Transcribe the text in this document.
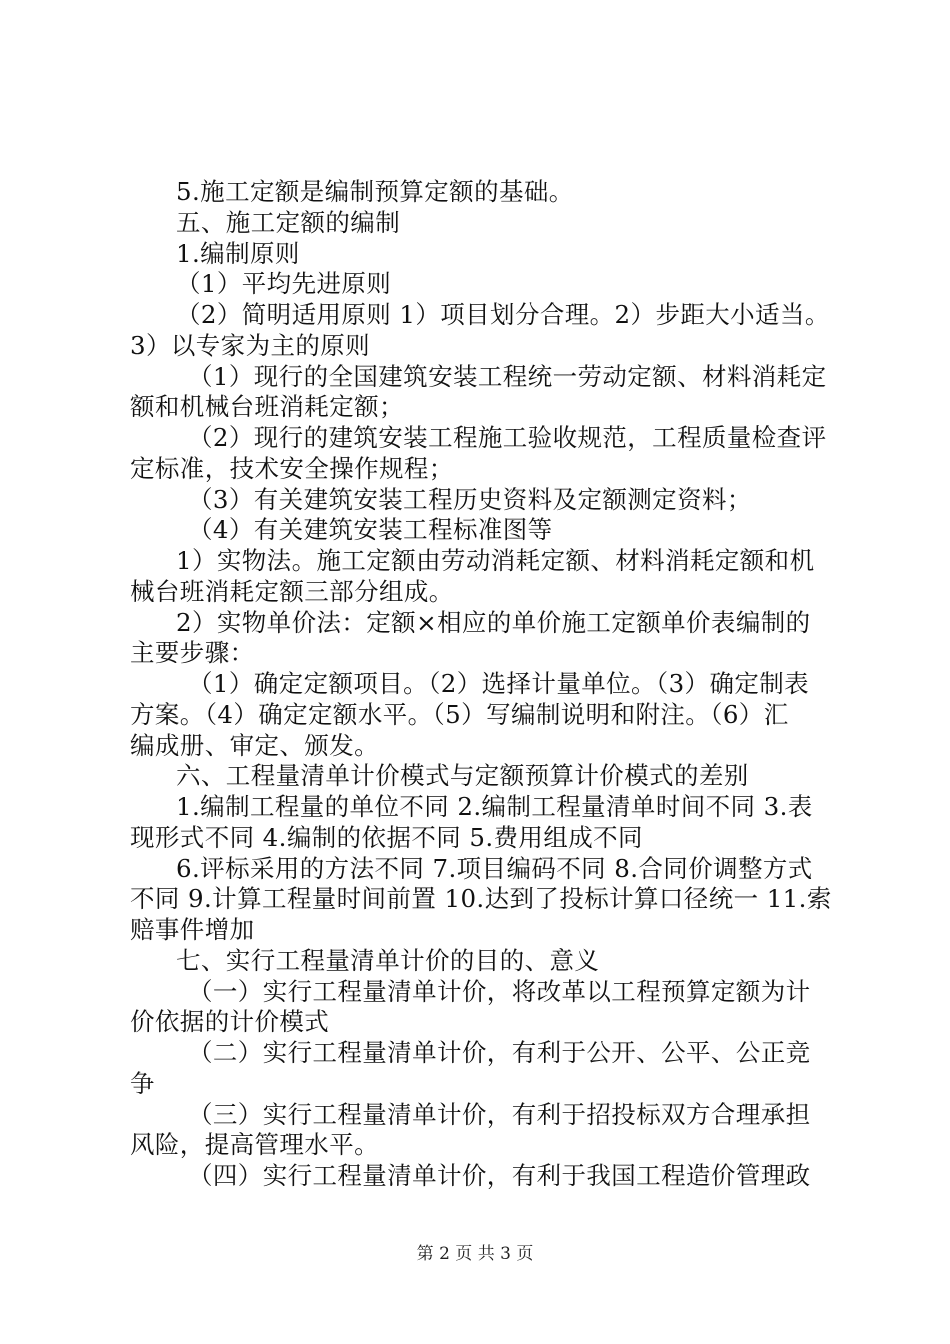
5.施工定额是编制预算定额的基础。
五、施工定额的编制
1.编制原则
（1）平均先进原则
（2）简明适用原则 1）项目划分合理。2）步距大小适当。
3）以专家为主的原则
（1）现行的全国建筑安装工程统一劳动定额、材料消耗定
额和机械台班消耗定额；
（2）现行的建筑安装工程施工验收规范，工程质量检查评
定标准，技术安全操作规程；
（3）有关建筑安装工程历史资料及定额测定资料；
（4）有关建筑安装工程标准图等
1）实物法。施工定额由劳动消耗定额、材料消耗定额和机
械台班消耗定额三部分组成。
2）实物单价法：定额×相应的单价施工定额单价表编制的
主要步骤：
（1）确定定额项目。（2）选择计量单位。（3）确定制表
方案。（4）确定定额水平。（5）写编制说明和附注。（6）汇
编成册、审定、颁发。
六、工程量清单计价模式与定额预算计价模式的差别
1.编制工程量的单位不同 2.编制工程量清单时间不同 3.表
现形式不同 4.编制的依据不同 5.费用组成不同
6.评标采用的方法不同 7.项目编码不同 8.合同价调整方式
不同 9.计算工程量时间前置 10.达到了投标计算口径统一 11.索
赔事件增加
七、实行工程量清单计价的目的、意义
（一）实行工程量清单计价，将改革以工程预算定额为计
价依据的计价模式
（二）实行工程量清单计价，有利于公开、公平、公正竞
争
（三）实行工程量清单计价，有利于招投标双方合理承担
风险，提高管理水平。
（四）实行工程量清单计价，有利于我国工程造价管理政
第 2 页 共 3 页
